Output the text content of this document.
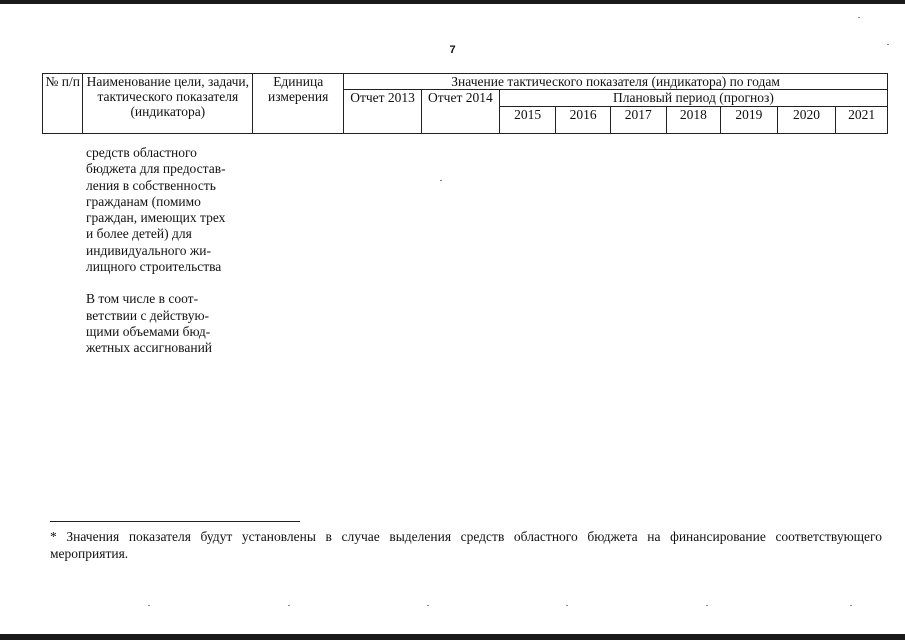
7
№ п/п	Наименование цели, задачи, тактического показателя (индикатора)	Единица измерения	Значение тактического показателя (индикатора) по годам								
			Отчет 2013	Отчет 2014	Плановый период (прогноз)						
					2015	2016	2017	2018	2019	2020	2021

средств областного

бюджета для предостав-

ления в собственность

гражданам (помимо

граждан, имеющих трех

и более детей) для

индивидуального жи-

лищного строительства

В том числе в соот-

ветствии с действую-

щими объемами бюд-

жетных ассигнований

* Значения показателя будут установлены в случае выделения средств областного бюджета на финансирование соответствующего мероприятия.
